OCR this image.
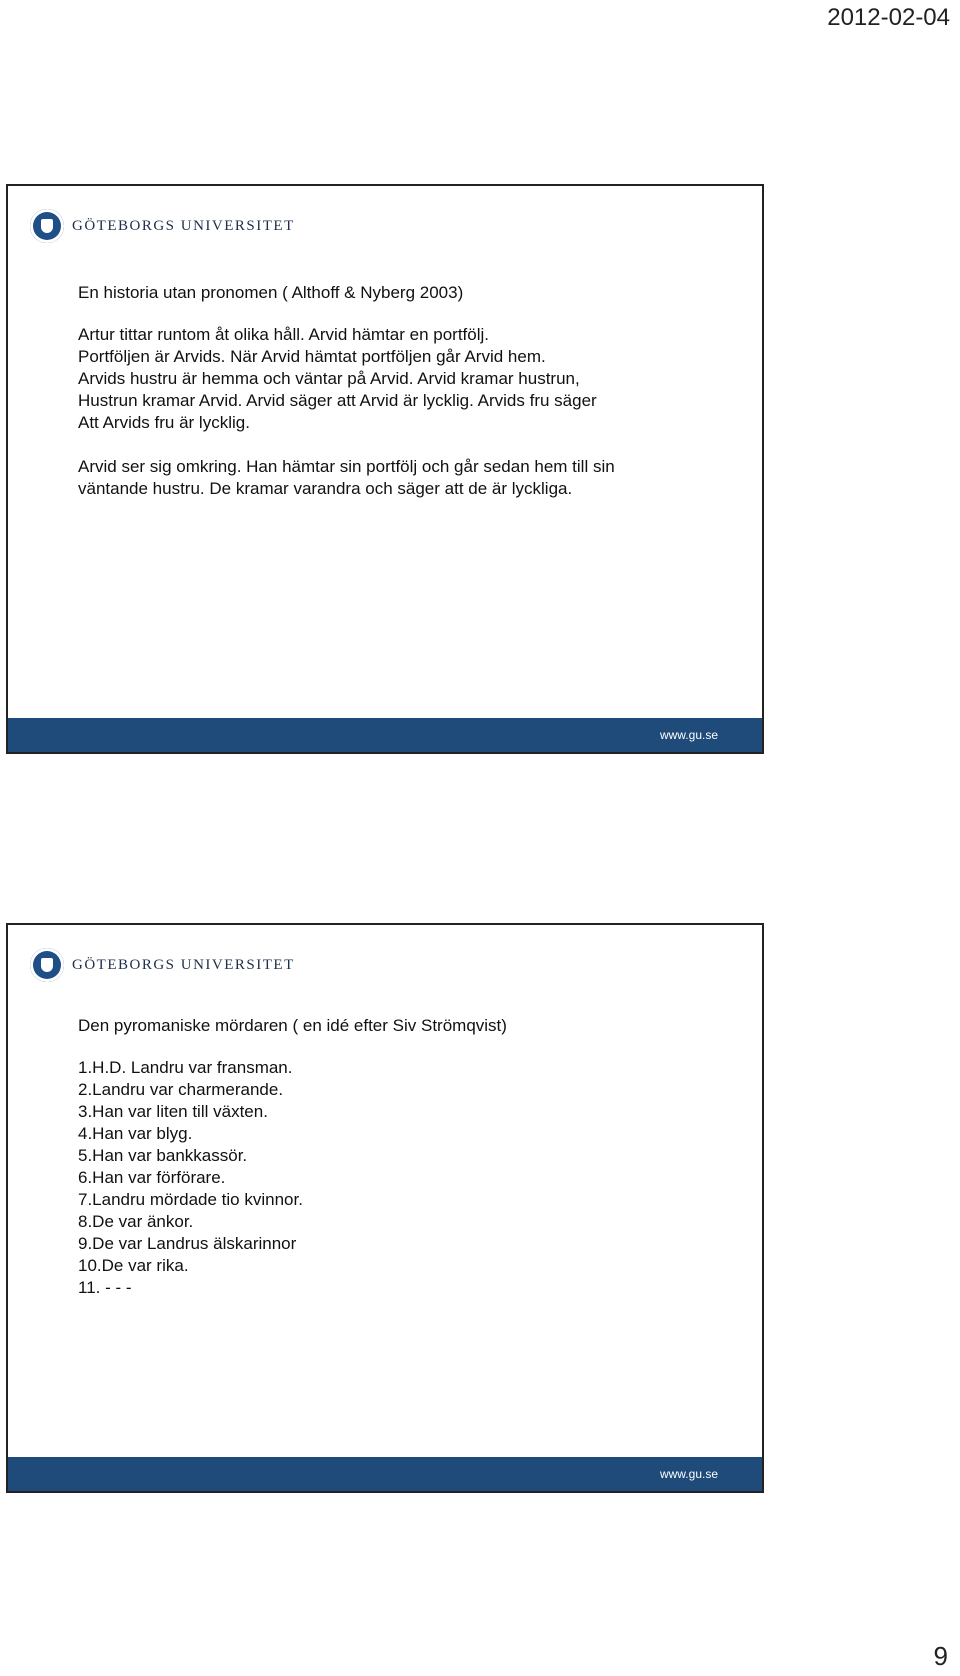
2012-02-04
GÖTEBORGS UNIVERSITET
En historia utan pronomen ( Althoff & Nyberg 2003)
Artur tittar runtom åt olika håll. Arvid hämtar en portfölj.
Portföljen är Arvids. När Arvid hämtat portföljen går Arvid hem.
Arvids hustru är hemma och väntar på Arvid. Arvid kramar hustrun,
Hustrun kramar Arvid. Arvid säger att Arvid är lycklig. Arvids fru säger
Att Arvids fru är lycklig.
Arvid ser sig omkring. Han hämtar sin portfölj och går sedan hem till sin
väntande hustru. De kramar varandra och säger att de är lyckliga.
www.gu.se
GÖTEBORGS UNIVERSITET
Den pyromaniske mördaren ( en idé efter Siv Strömqvist)
1.H.D. Landru var fransman.
2.Landru var charmerande.
3.Han var liten till växten.
4.Han var blyg.
5.Han var bankkassör.
6.Han var förförare.
7.Landru mördade tio kvinnor.
8.De var änkor.
9.De var Landrus älskarinnor
10.De var rika.
11. - - -
www.gu.se
9
